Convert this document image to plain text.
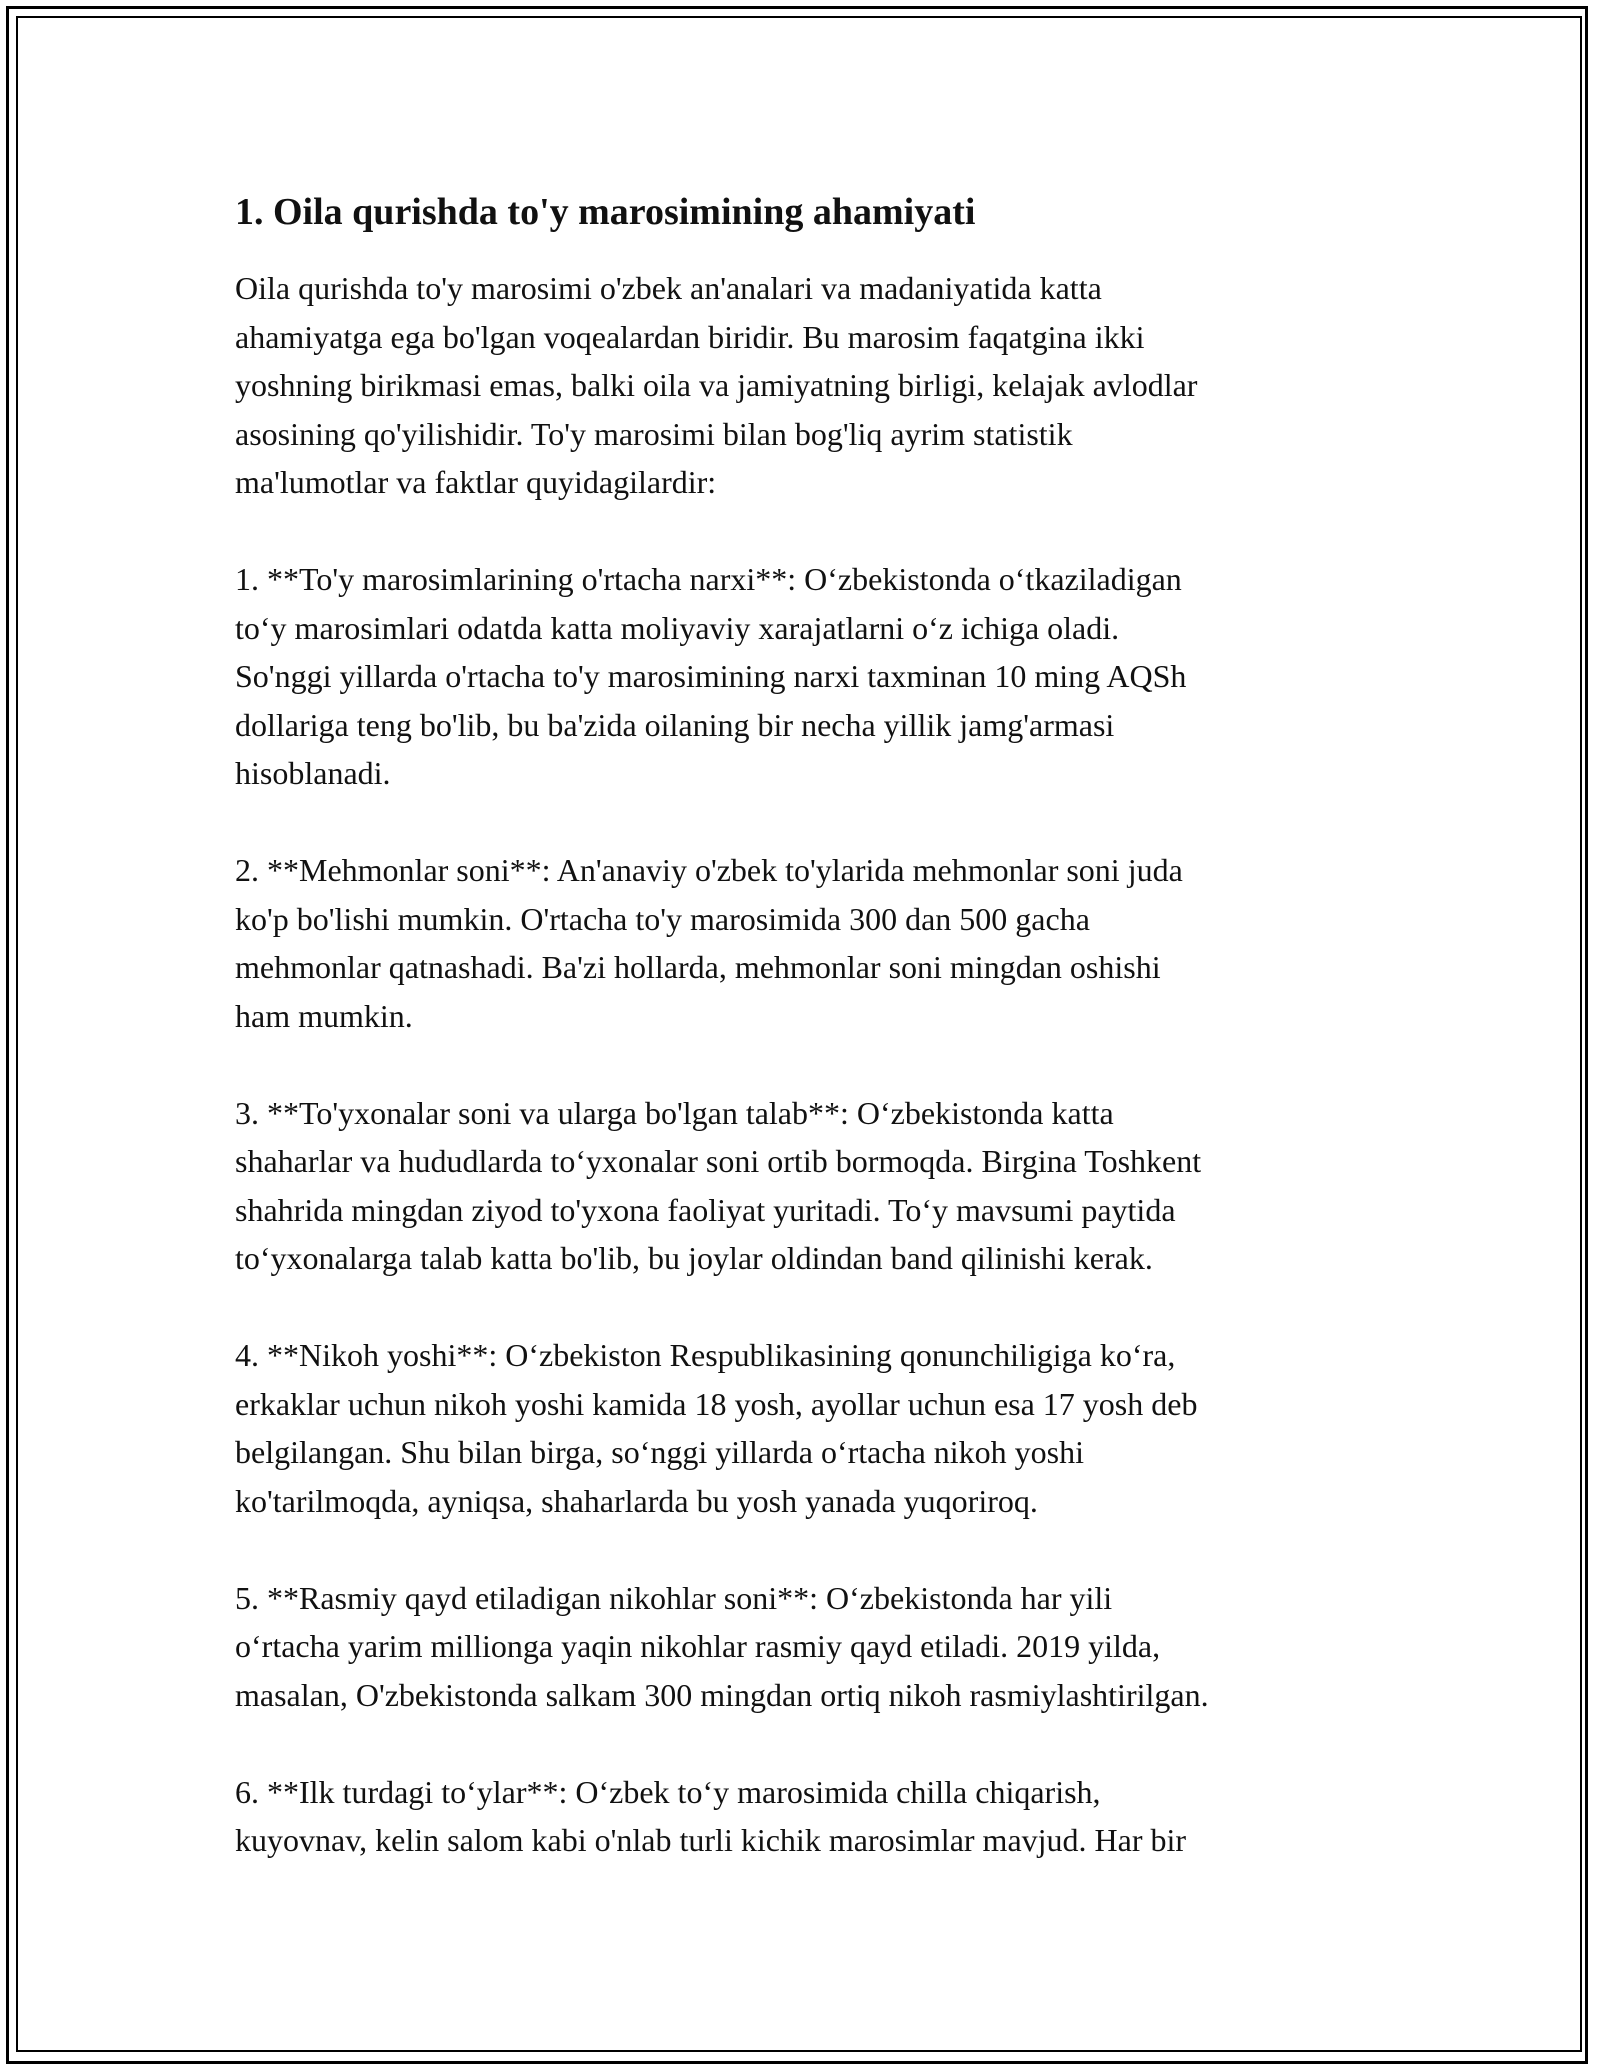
1. Oila qurishda to'y marosimining ahamiyati

Oila qurishda to'y marosimi o'zbek an'analari va madaniyatida katta
ahamiyatga ega bo'lgan voqealardan biridir. Bu marosim faqatgina ikki
yoshning birikmasi emas, balki oila va jamiyatning birligi, kelajak avlodlar
asosining qo'yilishidir. To'y marosimi bilan bog'liq ayrim statistik
ma'lumotlar va faktlar quyidagilardir:

1. **To'y marosimlarining o'rtacha narxi**: Oʻzbekistonda oʻtkaziladigan
toʻy marosimlari odatda katta moliyaviy xarajatlarni oʻz ichiga oladi.
So'nggi yillarda o'rtacha to'y marosimining narxi taxminan 10 ming AQSh
dollariga teng bo'lib, bu ba'zida oilaning bir necha yillik jamg'armasi
hisoblanadi.

2. **Mehmonlar soni**: An'anaviy o'zbek to'ylarida mehmonlar soni juda
ko'p bo'lishi mumkin. O'rtacha to'y marosimida 300 dan 500 gacha
mehmonlar qatnashadi. Ba'zi hollarda, mehmonlar soni mingdan oshishi
ham mumkin.

3. **To'yxonalar soni va ularga bo'lgan talab**: Oʻzbekistonda katta
shaharlar va hududlarda toʻyxonalar soni ortib bormoqda. Birgina Toshkent
shahrida mingdan ziyod to'yxona faoliyat yuritadi. Toʻy mavsumi paytida
toʻyxonalarga talab katta bo'lib, bu joylar oldindan band qilinishi kerak.

4. **Nikoh yoshi**: Oʻzbekiston Respublikasining qonunchiligiga koʻra,
erkaklar uchun nikoh yoshi kamida 18 yosh, ayollar uchun esa 17 yosh deb
belgilangan. Shu bilan birga, soʻnggi yillarda oʻrtacha nikoh yoshi
ko'tarilmoqda, ayniqsa, shaharlarda bu yosh yanada yuqoriroq.

5. **Rasmiy qayd etiladigan nikohlar soni**: Oʻzbekistonda har yili
oʻrtacha yarim millionga yaqin nikohlar rasmiy qayd etiladi. 2019 yilda,
masalan, O'zbekistonda salkam 300 mingdan ortiq nikoh rasmiylashtirilgan.

6. **Ilk turdagi toʻylar**: Oʻzbek toʻy marosimida chilla chiqarish,
kuyovnav, kelin salom kabi o'nlab turli kichik marosimlar mavjud. Har bir
